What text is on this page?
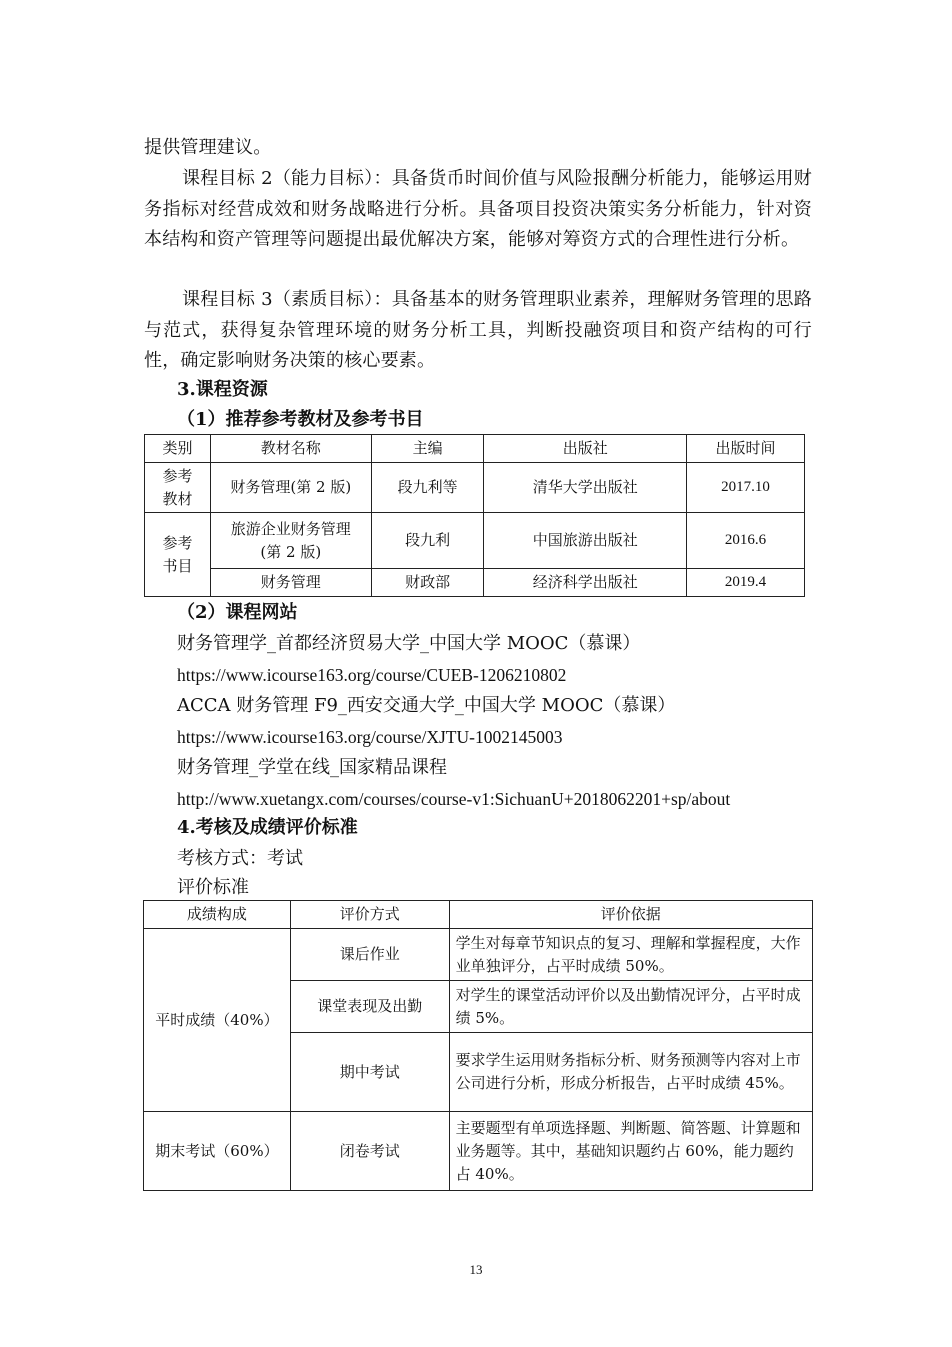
提供管理建议。

课程目标 2（能力目标）：具备货币时间价值与风险报酬分析能力，能够运用财务指标对经营成效和财务战略进行分析。具备项目投资决策实务分析能力，针对资本结构和资产管理等问题提出最优解决方案，能够对筹资方式的合理性进行分析。

课程目标 3（素质目标）：具备基本的财务管理职业素养，理解财务管理的思路与范式，获得复杂管理环境的财务分析工具，判断投融资项目和资产结构的可行性，确定影响财务决策的核心要素。

3.课程资源

（1）推荐参考教材及参考书目

类别	教材名称	主编	出版社	出版时间
参考教材	财务管理(第 2 版)	段九利等	清华大学出版社	2017.10
参考书目	旅游企业财务管理(第 2 版)	段九利	中国旅游出版社	2016.6
	财务管理	财政部	经济科学出版社	2019.4

（2）课程网站

财务管理学_首都经济贸易大学_中国大学 MOOC（慕课）

https://www.icourse163.org/course/CUEB-1206210802

ACCA 财务管理 F9_西安交通大学_中国大学 MOOC（慕课）

https://www.icourse163.org/course/XJTU-1002145003

财务管理_学堂在线_国家精品课程

http://www.xuetangx.com/courses/course-v1:SichuanU+2018062201+sp/about

4.考核及成绩评价标准

考核方式：考试

评价标准

成绩构成	评价方式	评价依据
平时成绩（40%）	课后作业	学生对每章节知识点的复习、理解和掌握程度，大作业单独评分，占平时成绩 50%。
	课堂表现及出勤	对学生的课堂活动评价以及出勤情况评分，占平时成绩 5%。
	期中考试	要求学生运用财务指标分析、财务预测等内容对上市公司进行分析，形成分析报告，占平时成绩 45%。
期末考试（60%）	闭卷考试	主要题型有单项选择题、判断题、简答题、计算题和业务题等。其中，基础知识题约占 60%，能力题约占 40%。
13
